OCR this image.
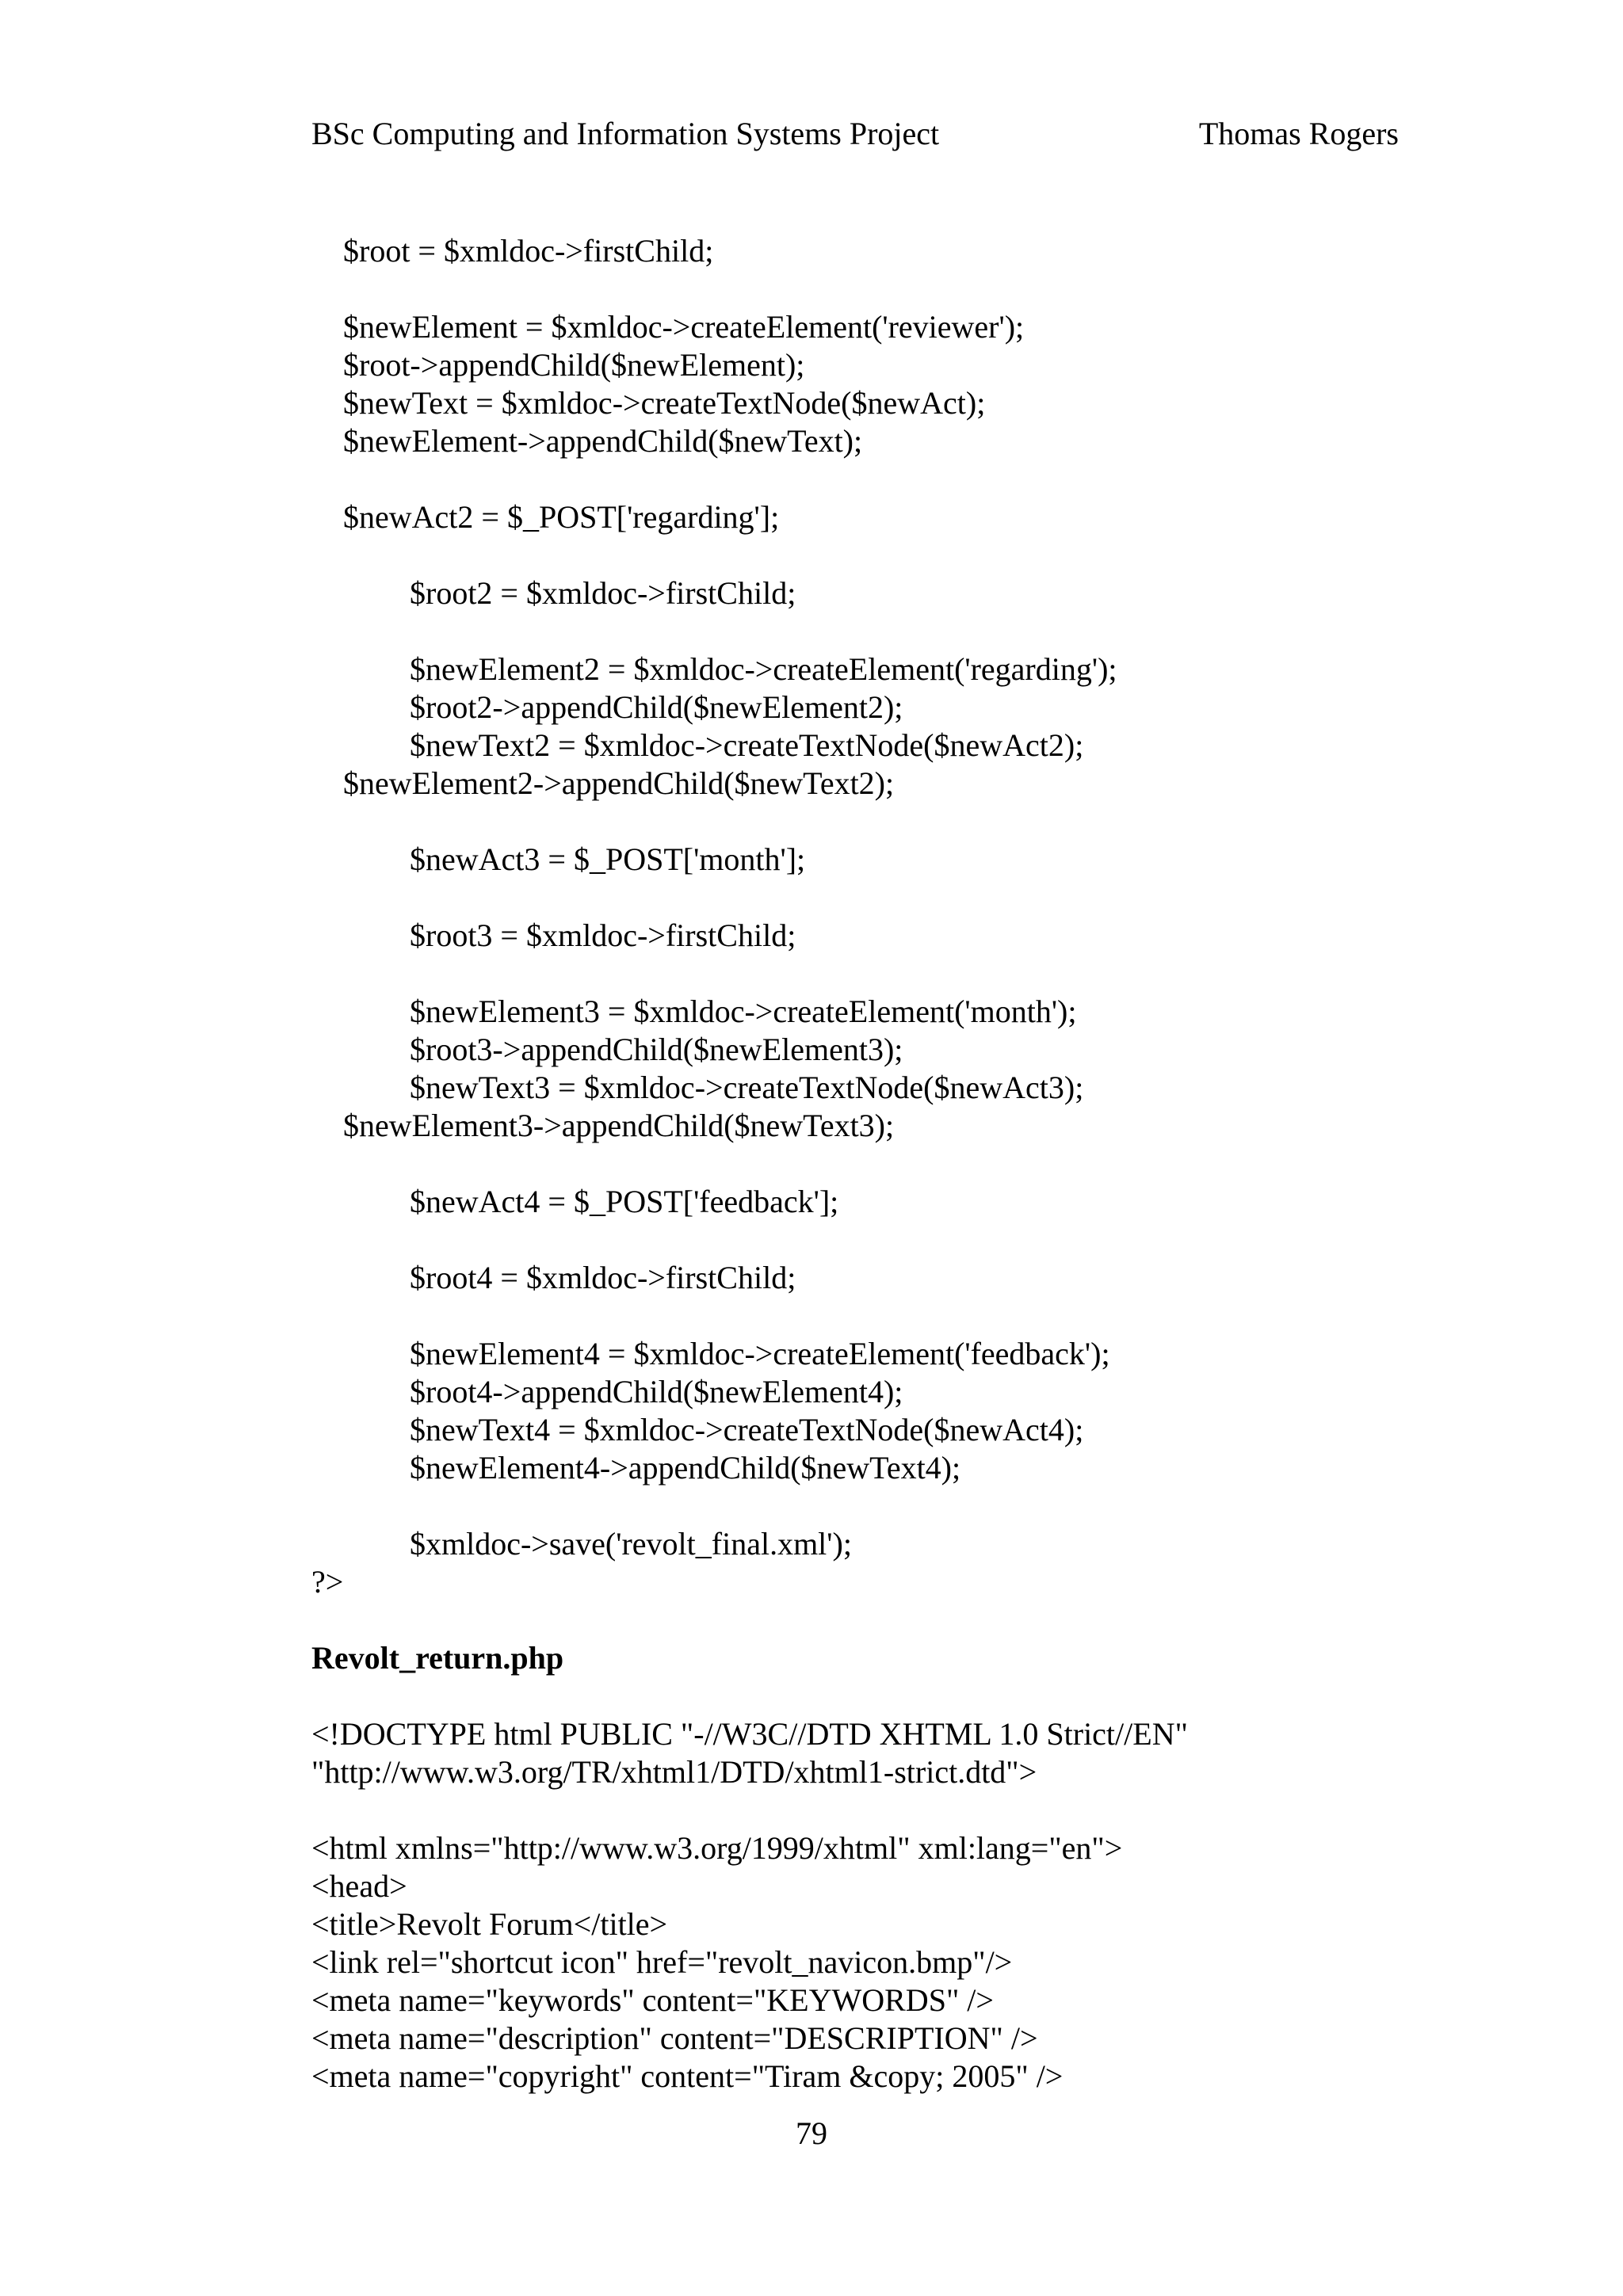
BSc Computing and Information Systems Project	Thomas Rogers
$root = $xmldoc->firstChild;
$newElement = $xmldoc->createElement('reviewer');
$root->appendChild($newElement);
$newText = $xmldoc->createTextNode($newAct);
$newElement->appendChild($newText);
$newAct2 = $_POST['regarding'];
$root2 = $xmldoc->firstChild;
$newElement2 = $xmldoc->createElement('regarding');
$root2->appendChild($newElement2);
$newText2 = $xmldoc->createTextNode($newAct2);
$newElement2->appendChild($newText2);
$newAct3 = $_POST['month'];
$root3 = $xmldoc->firstChild;
$newElement3 = $xmldoc->createElement('month');
$root3->appendChild($newElement3);
$newText3 = $xmldoc->createTextNode($newAct3);
$newElement3->appendChild($newText3);
$newAct4 = $_POST['feedback'];
$root4 = $xmldoc->firstChild;
$newElement4 = $xmldoc->createElement('feedback');
$root4->appendChild($newElement4);
$newText4 = $xmldoc->createTextNode($newAct4);
$newElement4->appendChild($newText4);
$xmldoc->save('revolt_final.xml');
?>
Revolt_return.php
<!DOCTYPE html PUBLIC "-//W3C//DTD XHTML 1.0 Strict//EN"
"http://www.w3.org/TR/xhtml1/DTD/xhtml1-strict.dtd">
<html xmlns="http://www.w3.org/1999/xhtml" xml:lang="en">
<head>
<title>Revolt Forum</title>
<link rel="shortcut icon" href="revolt_navicon.bmp"/>
<meta name="keywords" content="KEYWORDS" />
<meta name="description" content="DESCRIPTION" />
<meta name="copyright" content="Tiram &copy; 2005" />
79
